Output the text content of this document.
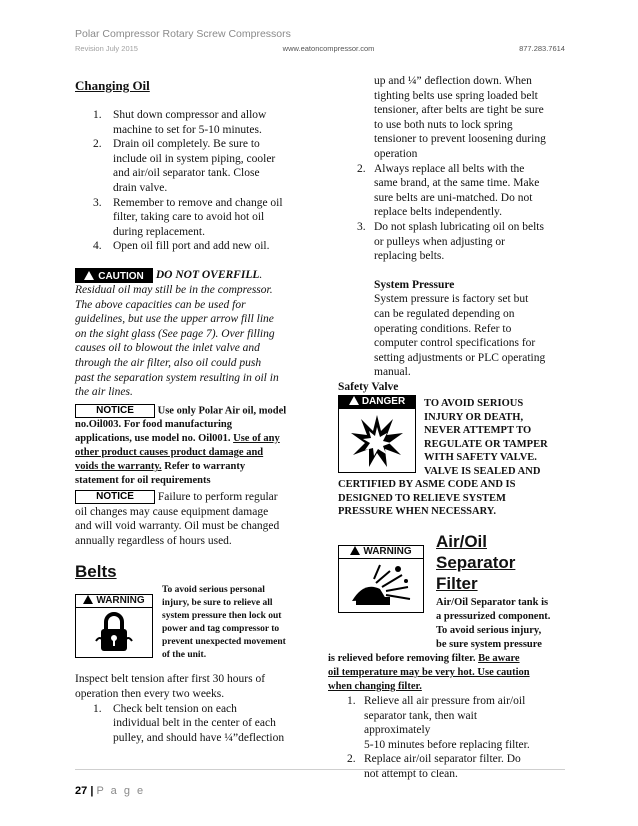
Polar Compressor Rotary Screw Compressors
Revision July 2015	www.eatoncompressor.com	877.283.7614
Changing Oil
1. Shut down compressor and allow
machine to set for 5-10 minutes.
2. Drain oil completely. Be sure to
include oil in system piping, cooler
and air/oil separator tank. Close
drain valve.
3. Remember to remove and change oil
filter, taking care to avoid hot oil
during replacement.
4. Open oil fill port and add new oil.
CAUTION DO NOT OVERFILL.
Residual oil may still be in the compressor.
The above capacities can be used for
guidelines, but use the upper arrow fill line
on the sight glass (See page 7). Over filling
causes oil to blowout the inlet valve and
through the air filter, also oil could push
past the separation system resulting in oil in
the air lines.
NOTICE Use only Polar Air oil, model
no.Oil003. For food manufacturing
applications, use model no. Oil001. Use of any
other product causes product damage and
voids the warranty. Refer to warranty
statement for oil requirements
NOTICE Failure to perform regular
oil changes may cause equipment damage
and will void warranty. Oil must be changed
annually regardless of hours used.
Belts
WARNING
To avoid serious personal
injury, be sure to relieve all
system pressure then lock out
power and tag compressor to
prevent unexpected movement
of the unit.
Inspect belt tension after first 30 hours of
operation then every two weeks.
1. Check belt tension on each
individual belt in the center of each
pulley, and should have ¼”deflection
up and ¼” deflection down. When
tighting belts use spring loaded belt
tensioner, after belts are tight be sure
to use both nuts to lock spring
tensioner to prevent loosening during
operation
2. Always replace all belts with the
same brand, at the same time. Make
sure belts are uni-matched. Do not
replace belts independently.
3. Do not splash lubricating oil on belts
or pulleys when adjusting or
replacing belts.
System Pressure
System pressure is factory set but
can be regulated depending on
operating conditions. Refer to
computer control specifications for
setting adjustments or PLC operating
manual.
Safety Valve
DANGER	TO AVOID SERIOUS
INJURY OR DEATH,
NEVER ATTEMPT TO
REGULATE OR TAMPER
WITH SAFETY VALVE.
VALVE IS SEALED AND
CERTIFIED BY ASME CODE AND IS
DESIGNED TO RELIEVE SYSTEM
PRESSURE WHEN NECESSARY.
WARNING
Air/Oil Separator
Filter
Air/Oil Separator tank is
a pressurized component.
To avoid serious injury,
be sure system pressure
is relieved before removing filter. Be aware
oil temperature may be very hot. Use caution
when changing filter.
1. Relieve all air pressure from air/oil
separator tank, then wait
approximately
5-10 minutes before replacing filter.
2. Replace air/oil separator filter. Do
not attempt to clean.
27 | P a g e
